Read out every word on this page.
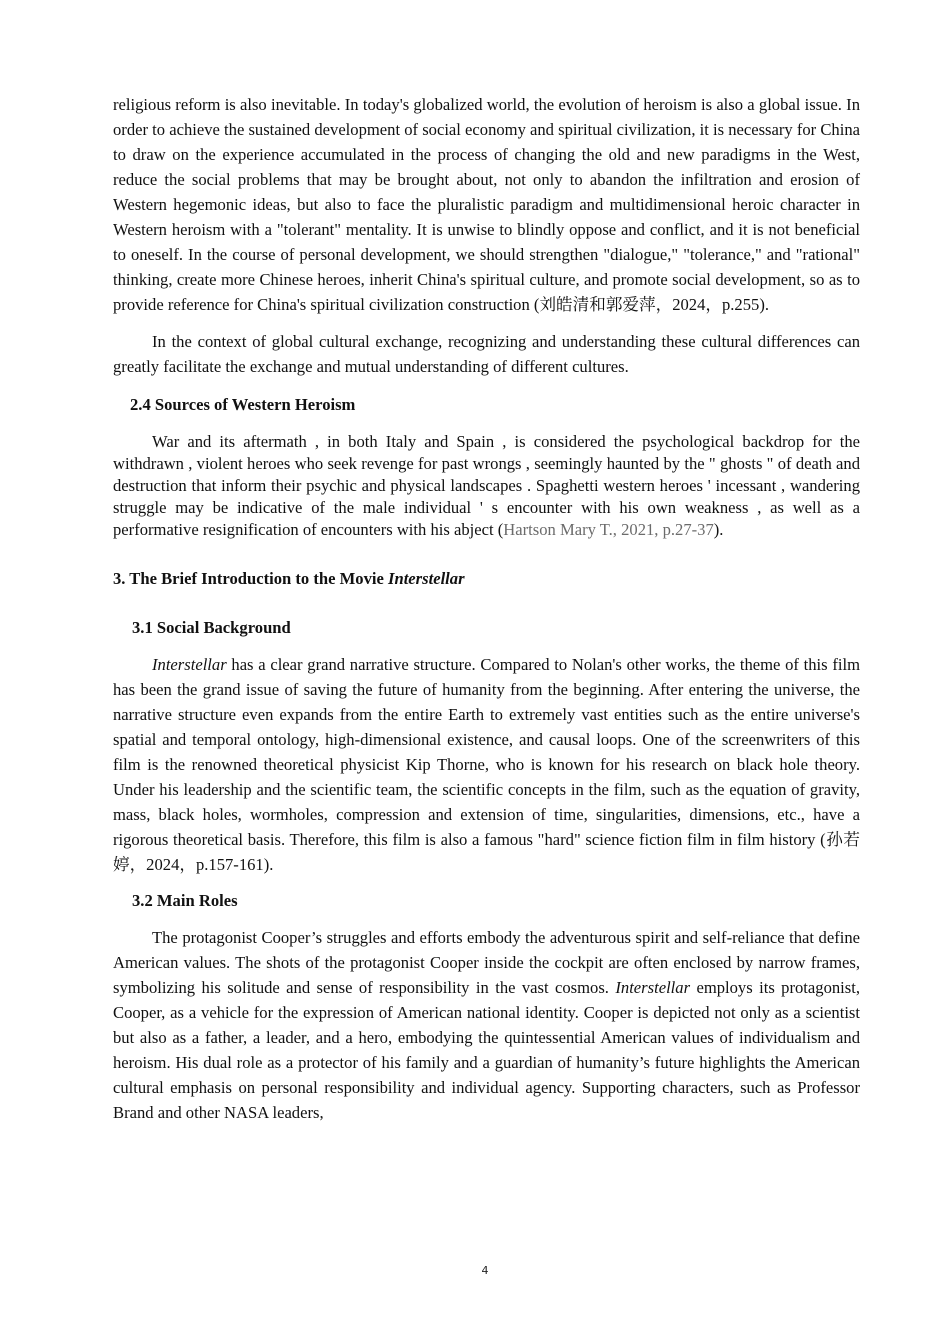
religious reform is also inevitable. In today's globalized world, the evolution of heroism is also a global issue. In order to achieve the sustained development of social economy and spiritual civilization, it is necessary for China to draw on the experience accumulated in the process of changing the old and new paradigms in the West, reduce the social problems that may be brought about, not only to abandon the infiltration and erosion of Western hegemonic ideas, but also to face the pluralistic paradigm and multidimensional heroic character in Western heroism with a "tolerant" mentality. It is unwise to blindly oppose and conflict, and it is not beneficial to oneself. In the course of personal development, we should strengthen "dialogue," "tolerance," and "rational" thinking, create more Chinese heroes, inherit China's spiritual culture, and promote social development, so as to provide reference for China's spiritual civilization construction (刘皓清和郭爱萍，2024，p.255).

In the context of global cultural exchange, recognizing and understanding these cultural differences can greatly facilitate the exchange and mutual understanding of different cultures.

2.4 Sources of Western Heroism

War and its aftermath , in both Italy and Spain , is considered the psychological backdrop for the withdrawn , violent heroes who seek revenge for past wrongs , seemingly haunted by the " ghosts " of death and destruction that inform their psychic and physical landscapes . Spaghetti western heroes ' incessant , wandering struggle may be indicative of the male individual ' s encounter with his own weakness , as well as a performative resignification of encounters with his abject (Hartson Mary T., 2021, p.27-37).

3. The Brief Introduction to the Movie Interstellar
3.1 Social Background

Interstellar has a clear grand narrative structure. Compared to Nolan's other works, the theme of this film has been the grand issue of saving the future of humanity from the beginning. After entering the universe, the narrative structure even expands from the entire Earth to extremely vast entities such as the entire universe's spatial and temporal ontology, high-dimensional existence, and causal loops. One of the screenwriters of this film is the renowned theoretical physicist Kip Thorne, who is known for his research on black hole theory. Under his leadership and the scientific team, the scientific concepts in the film, such as the equation of gravity, mass, black holes, wormholes, compression and extension of time, singularities, dimensions, etc., have a rigorous theoretical basis. Therefore, this film is also a famous "hard" science fiction film in film history (孙若婷，2024，p.157-161).

3.2 Main Roles

The protagonist Cooper’s struggles and efforts embody the adventurous spirit and self-reliance that define American values. The shots of the protagonist Cooper inside the cockpit are often enclosed by narrow frames, symbolizing his solitude and sense of responsibility in the vast cosmos. Interstellar employs its protagonist, Cooper, as a vehicle for the expression of American national identity. Cooper is depicted not only as a scientist but also as a father, a leader, and a hero, embodying the quintessential American values of individualism and heroism. His dual role as a protector of his family and a guardian of humanity’s future highlights the American cultural emphasis on personal responsibility and individual agency. Supporting characters, such as Professor Brand and other NASA leaders,

4
